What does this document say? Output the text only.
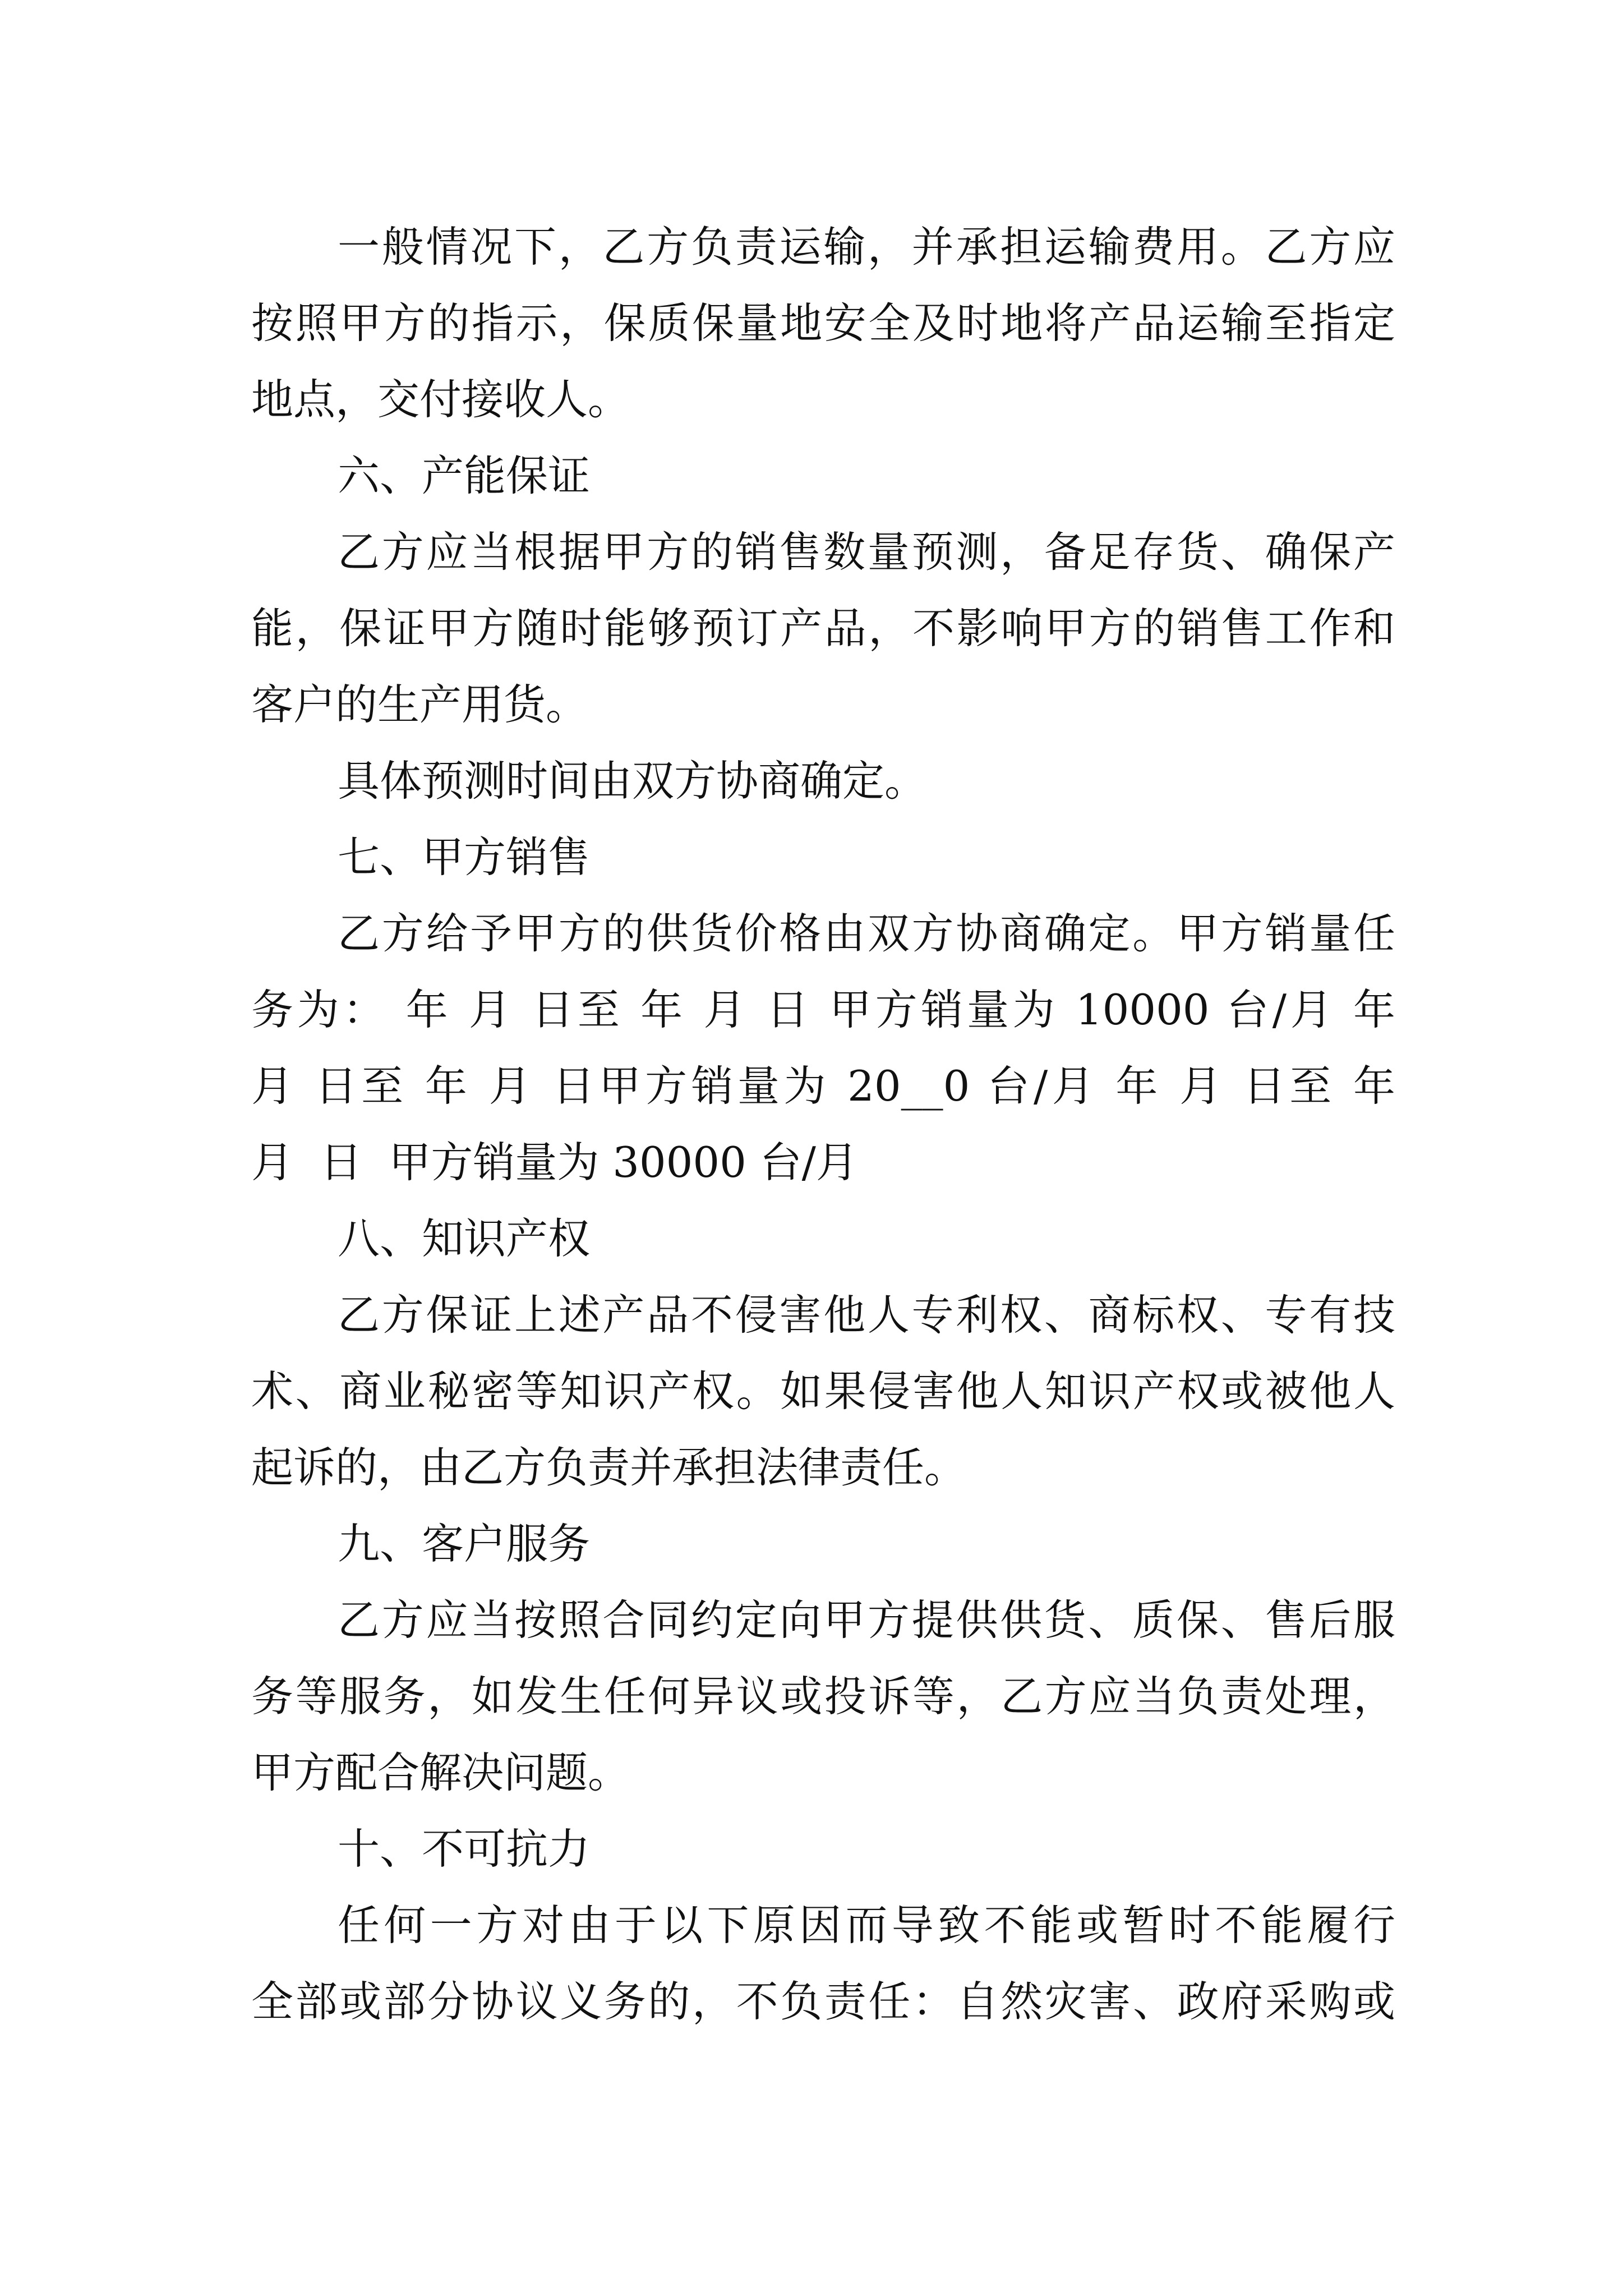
一般情况下，乙方负责运输，并承担运输费用。乙方应
按照甲方的指示，保质保量地安全及时地将产品运输至指定
地点，交付接收人。
六、产能保证
乙方应当根据甲方的销售数量预测，备足存货、确保产
能，保证甲方随时能够预订产品，不影响甲方的销售工作和
客户的生产用货。
具体预测时间由双方协商确定。
七、甲方销售
乙方给予甲方的供货价格由双方协商确定。甲方销量任
务为： 年 月 日至 年 月 日 甲方销量为 10000 台/月 年
月 日至 年 月 日甲方销量为 20__0 台/月 年 月 日至 年
月  日  甲方销量为 30000 台/月
八、知识产权
乙方保证上述产品不侵害他人专利权、商标权、专有技
术、商业秘密等知识产权。如果侵害他人知识产权或被他人
起诉的，由乙方负责并承担法律责任。
九、客户服务
乙方应当按照合同约定向甲方提供供货、质保、售后服
务等服务，如发生任何异议或投诉等，乙方应当负责处理，
甲方配合解决问题。
十、不可抗力
任何一方对由于以下原因而导致不能或暂时不能履行
全部或部分协议义务的，不负责任：自然灾害、政府采购或
